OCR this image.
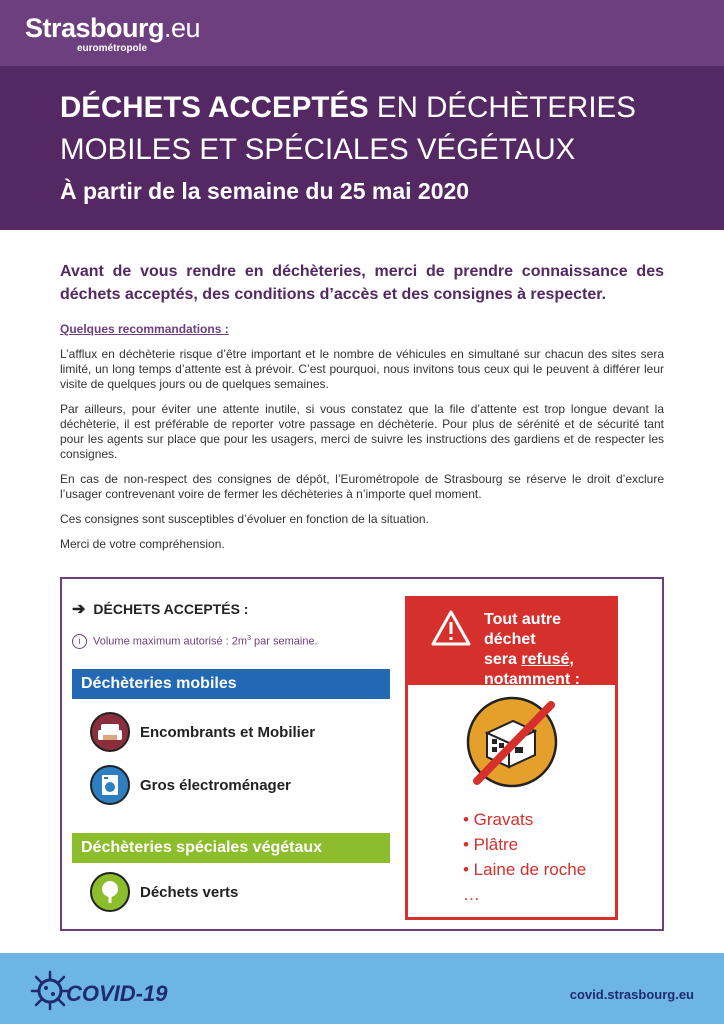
Strasbourg.eu
eurométropole
DÉCHETS ACCEPTÉS EN DÉCHÈTERIES
MOBILES ET SPÉCIALES VÉGÉTAUX
À partir de la semaine du 25 mai 2020
Avant de vous rendre en déchèteries, merci de prendre connaissance des déchets acceptés, des conditions d’accès et des consignes à respecter.
Quelques recommandations :

L’afflux en déchèterie risque d’être important et le nombre de véhicules en simultané sur chacun des sites sera limité, un long temps d’attente est à prévoir. C’est pourquoi, nous invitons tous ceux qui le peuvent à différer leur visite de quelques jours ou de quelques semaines.

Par ailleurs, pour éviter une attente inutile, si vous constatez que la file d’attente est trop longue devant la déchèterie, il est préférable de reporter votre passage en déchèterie. Pour plus de sérénité et de sécurité tant pour les agents sur place que pour les usagers, merci de suivre les instructions des gardiens et de respecter les consignes.

En cas de non-respect des consignes de dépôt, l’Eurométropole de Strasbourg se réserve le droit d’exclure l’usager contrevenant voire de fermer les déchèteries à n’importe quel moment.

Ces consignes sont susceptibles d’évoluer en fonction de la situation.

Merci de votre compréhension.

➔ DÉCHETS ACCEPTÉS :
i Volume maximum autorisé : $2m^3$ par semaine.
Déchèteries mobiles
Encombrants et Mobilier
Gros électroménager
Déchèteries spéciales végétaux
Déchets verts
Tout autre déchet
sera refusé,
notamment :
• Gravats
• Plâtre
• Laine de roche
…
COVID-19	covid.strasbourg.eu
